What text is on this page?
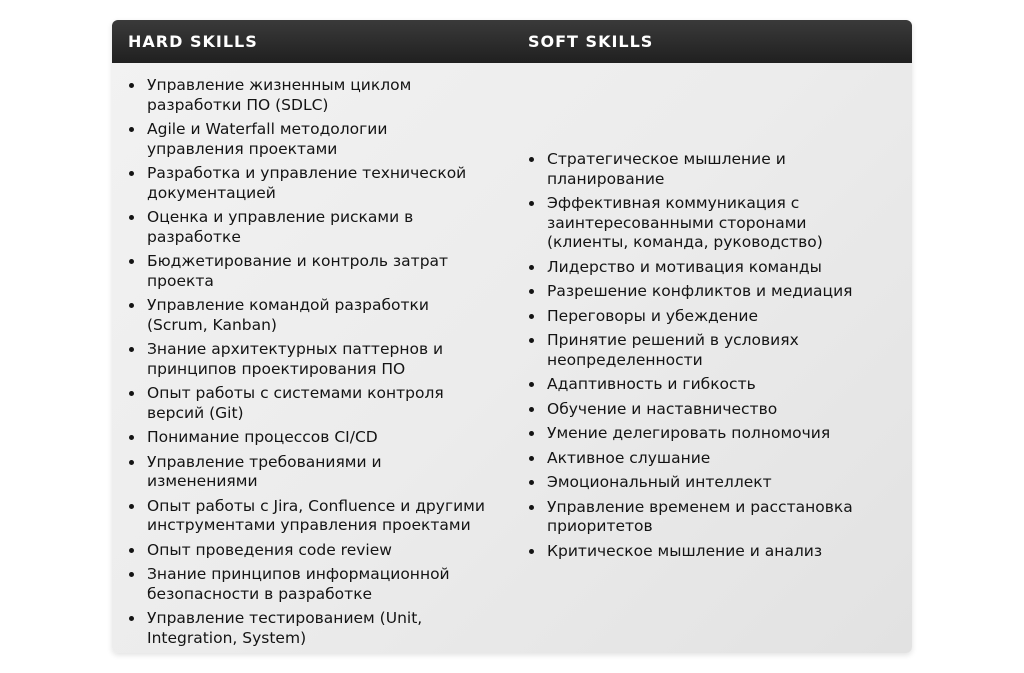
HARD SKILLS	SOFT SKILLS
Управление жизненным циклом разработки ПО (SDLC)
Agile и Waterfall методологии управления проектами
Разработка и управление технической документацией
Оценка и управление рисками в разработке
Бюджетирование и контроль затрат проекта
Управление командой разработки (Scrum, Kanban)
Знание архитектурных паттернов и принципов проектирования ПО
Опыт работы с системами контроля версий (Git)
Понимание процессов CI/CD
Управление требованиями и изменениями
Опыт работы с Jira, Confluence и другими инструментами управления проектами
Опыт проведения code review
Знание принципов информационной безопасности в разработке
Управление тестированием (Unit, Integration, System)
Стратегическое мышление и планирование
Эффективная коммуникация с заинтересованными сторонами (клиенты, команда, руководство)
Лидерство и мотивация команды
Разрешение конфликтов и медиация
Переговоры и убеждение
Принятие решений в условиях неопределенности
Адаптивность и гибкость
Обучение и наставничество
Умение делегировать полномочия
Активное слушание
Эмоциональный интеллект
Управление временем и расстановка приоритетов
Критическое мышление и анализ
